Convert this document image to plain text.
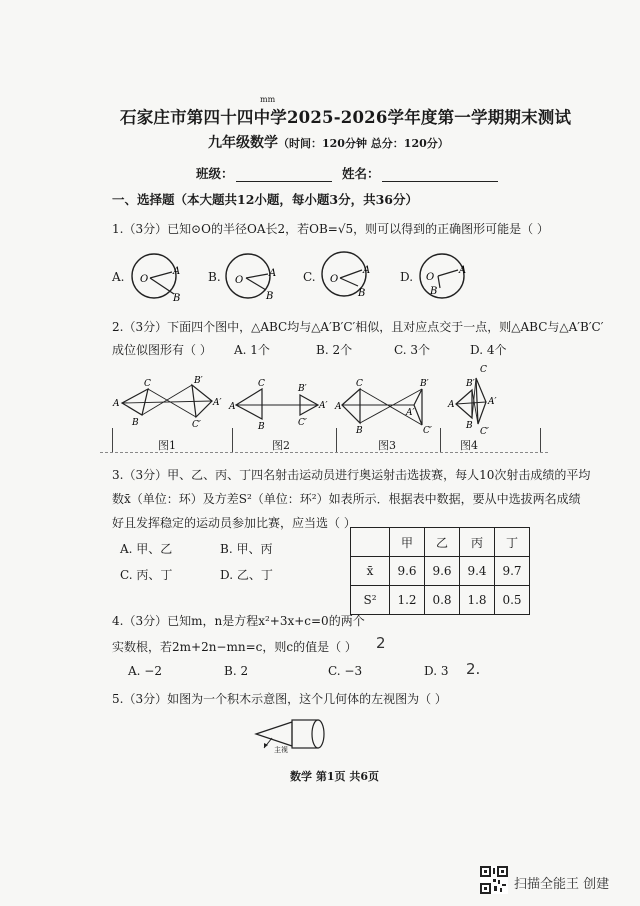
mm
石家庄市第四十四中学2025-2026学年度第一学期期末测试
九年级数学（时间：120分钟 总分：120分）
班级：	姓名：
一、选择题（本大题共12小题，每小题3分，共36分）
1.（3分）已知⊙O的半径OA长2，若OB=√5，则可以得到的正确图形可能是（ ）
A. O
A
B
B. O
A
B
C. O
A
B
D. O
A
B
2.（3分）下面四个图中，△ABC均与△A′B′C′相似，且对应点交于一点，则△ABC与△A′B′C′
成位似图形有（ ） A. 1个	B. 2个	C. 3个	D. 4个
A
C
B
B′
A′
C′
A
C
B
B′
A′
C′
A
C
B
B′
A′
C′
A
C
B′
A′
B
C′
图1	图2	图3	图4
3.（3分）甲、乙、丙、丁四名射击运动员进行奥运射击选拔赛，每人10次射击成绩的平均
数x̄（单位：环）及方差S²（单位：环²）如表所示．根据表中数据，要从中选拔两名成绩
好且发挥稳定的运动员参加比赛，应当选（ ）
A. 甲、乙	B. 甲、丙
C. 丙、丁	D. 乙、丁
	甲	乙	丙	丁
x̄	9.6	9.6	9.4	9.7
S²	1.2	0.8	1.8	0.5
4.（3分）已知m，n是方程x²+3x+c=0的两个
实数根，若2m+2n−mn=c，则c的值是（ ） 2
A. −2	B. 2	C. −3	D. 3 2.
5.（3分）如图为一个积木示意图，这个几何体的左视图为（ ）
主视
数学 第1页 共6页
扫描全能王 创建
